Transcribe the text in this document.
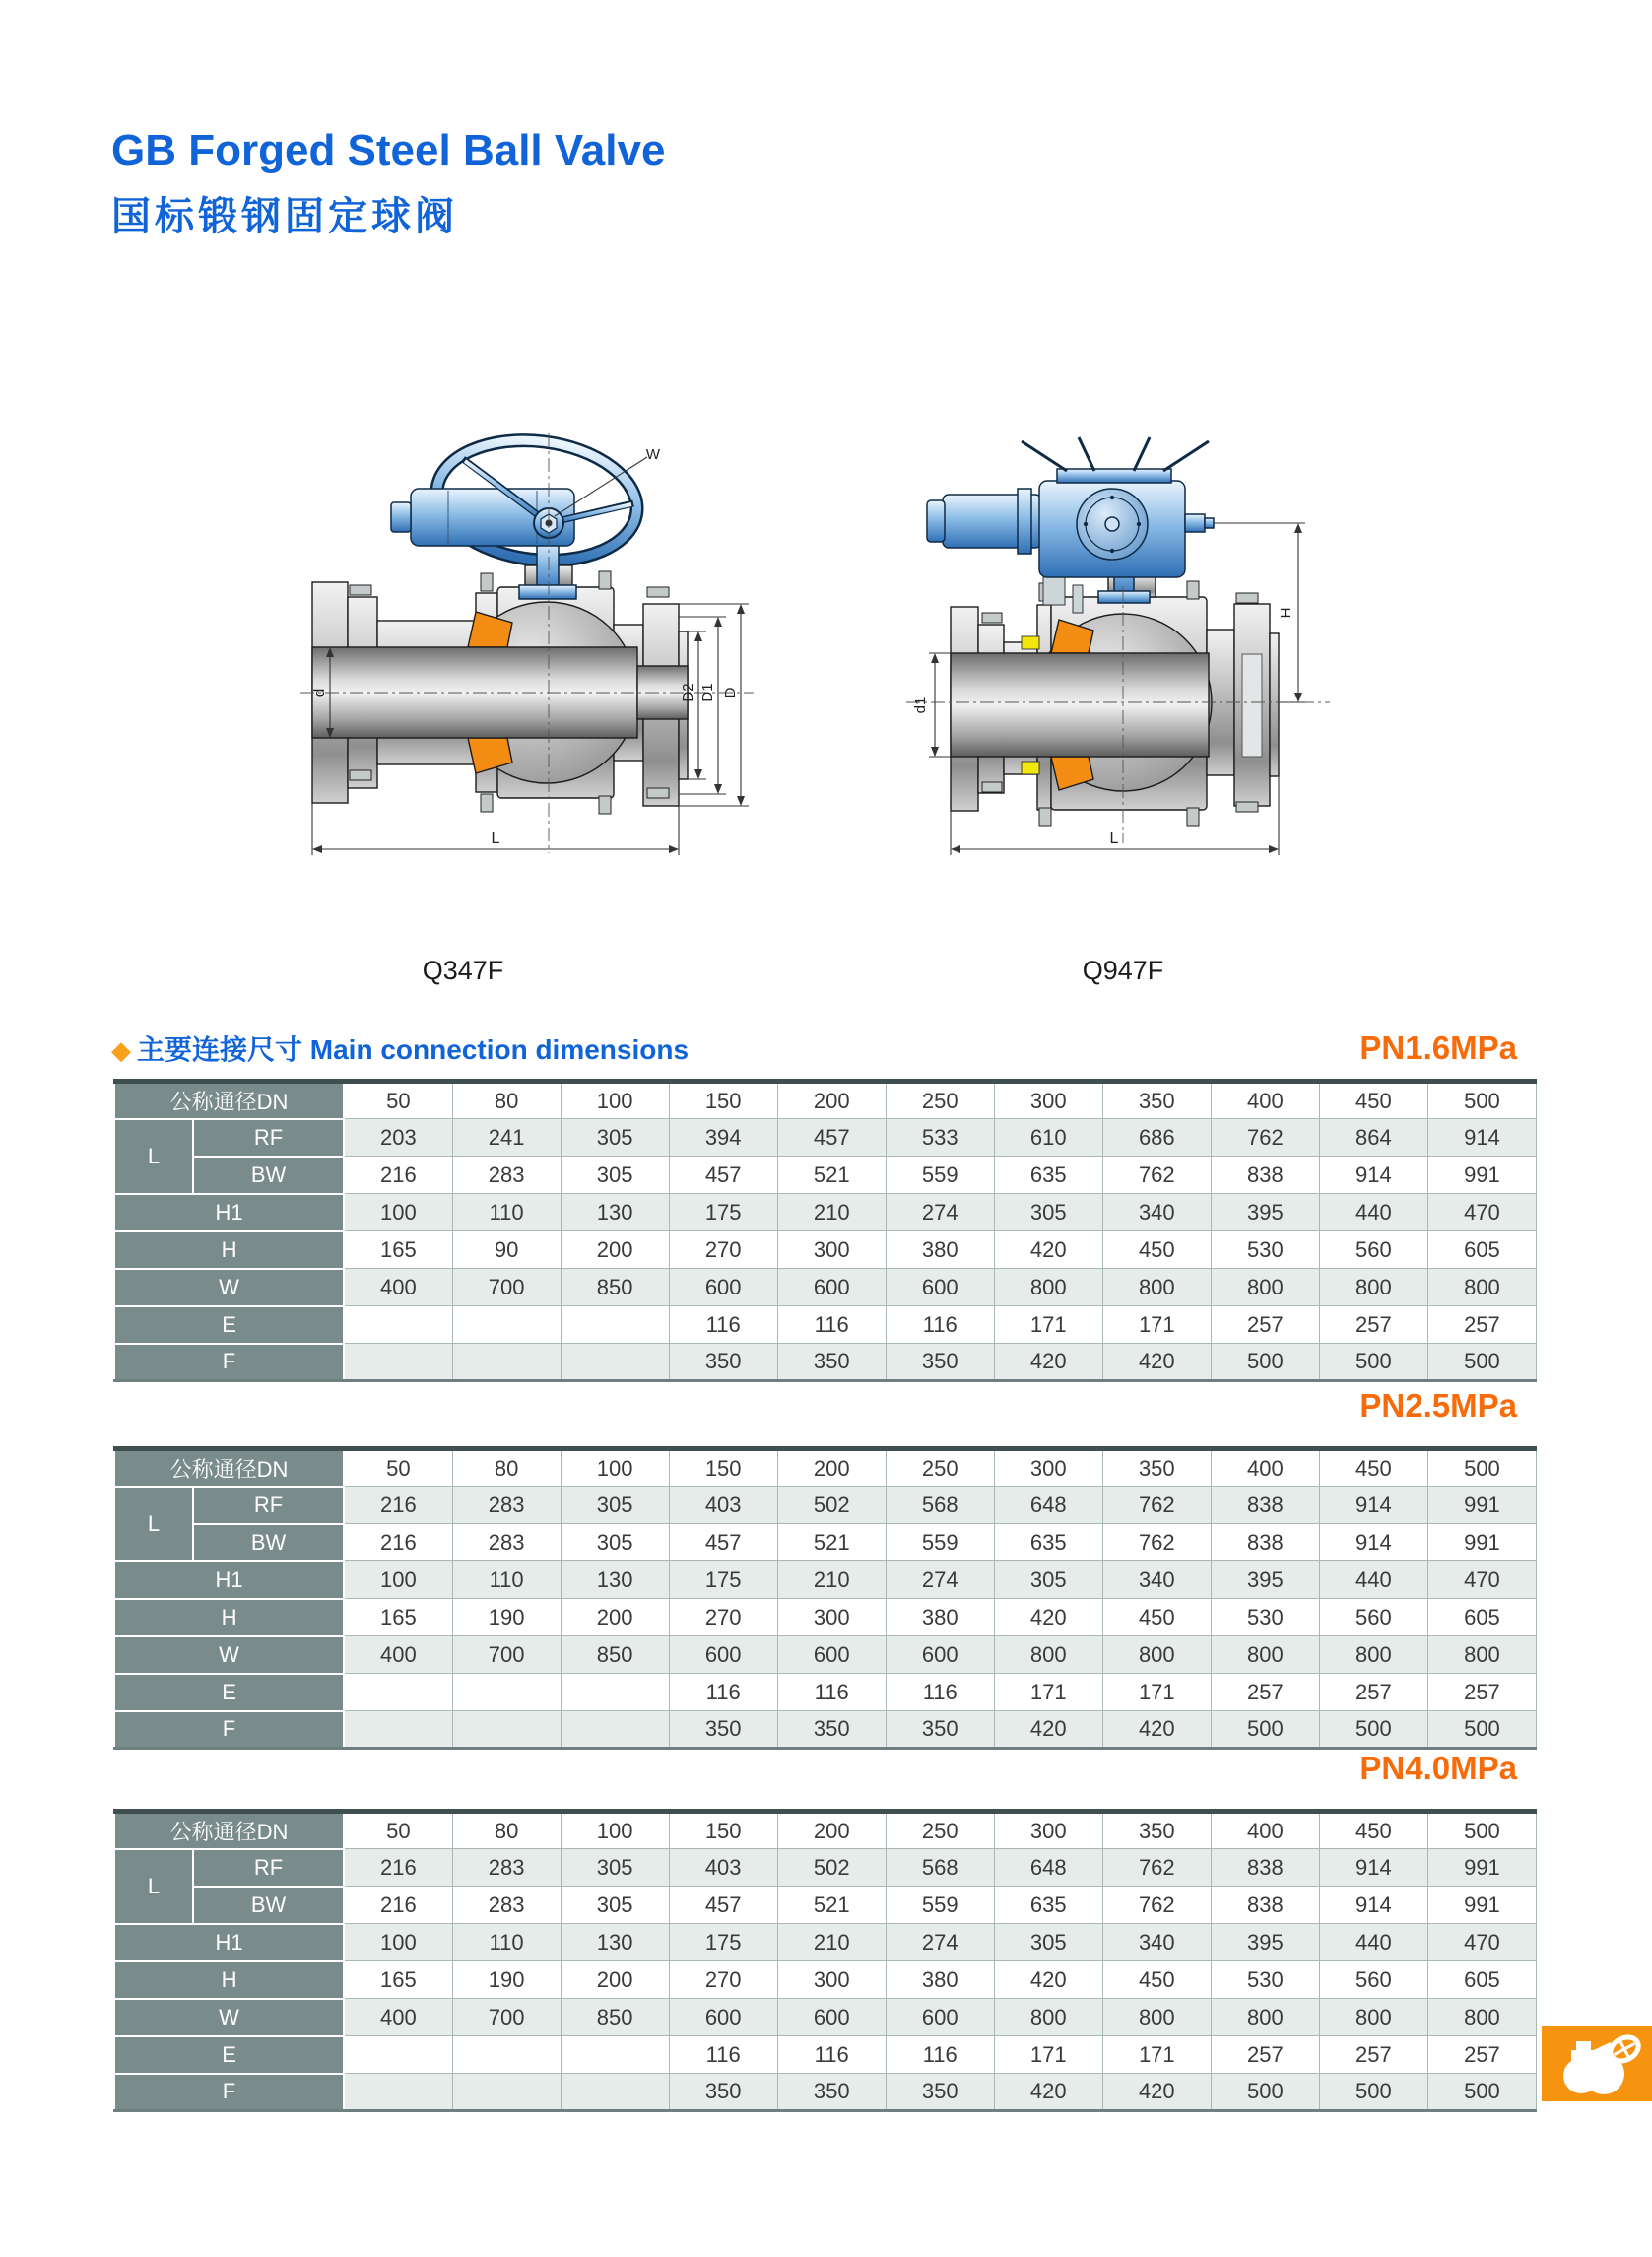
GB Forged Steel Ball Valve
国标锻钢固定球阀
W
d	D2 D1 D
L
Q347F
d1
H
L
Q947F
◆ 主要连接尺寸 Main connection dimensions	PN1.6MPa
PN2.5MPa
PN4.0MPa
公称通径DN		50	80	100	150	200	250	300	350	400	450	500
L	RF	203	241	305	394	457	533	610	686	762	864	914
	BW	216	283	305	457	521	559	635	762	838	914	991
H1		100	110	130	175	210	274	305	340	395	440	470
H		165	90	200	270	300	380	420	450	530	560	605
W		400	700	850	600	600	600	800	800	800	800	800
E					116	116	116	171	171	257	257	257
F					350	350	350	420	420	500	500	500
公称通径DN		50	80	100	150	200	250	300	350	400	450	500
L	RF	216	283	305	403	502	568	648	762	838	914	991
	BW	216	283	305	457	521	559	635	762	838	914	991
H1		100	110	130	175	210	274	305	340	395	440	470
H		165	190	200	270	300	380	420	450	530	560	605
W		400	700	850	600	600	600	800	800	800	800	800
E					116	116	116	171	171	257	257	257
F					350	350	350	420	420	500	500	500
公称通径DN		50	80	100	150	200	250	300	350	400	450	500
L	RF	216	283	305	403	502	568	648	762	838	914	991
	BW	216	283	305	457	521	559	635	762	838	914	991
H1		100	110	130	175	210	274	305	340	395	440	470
H		165	190	200	270	300	380	420	450	530	560	605
W		400	700	850	600	600	600	800	800	800	800	800
E					116	116	116	171	171	257	257	257
F					350	350	350	420	420	500	500	500
